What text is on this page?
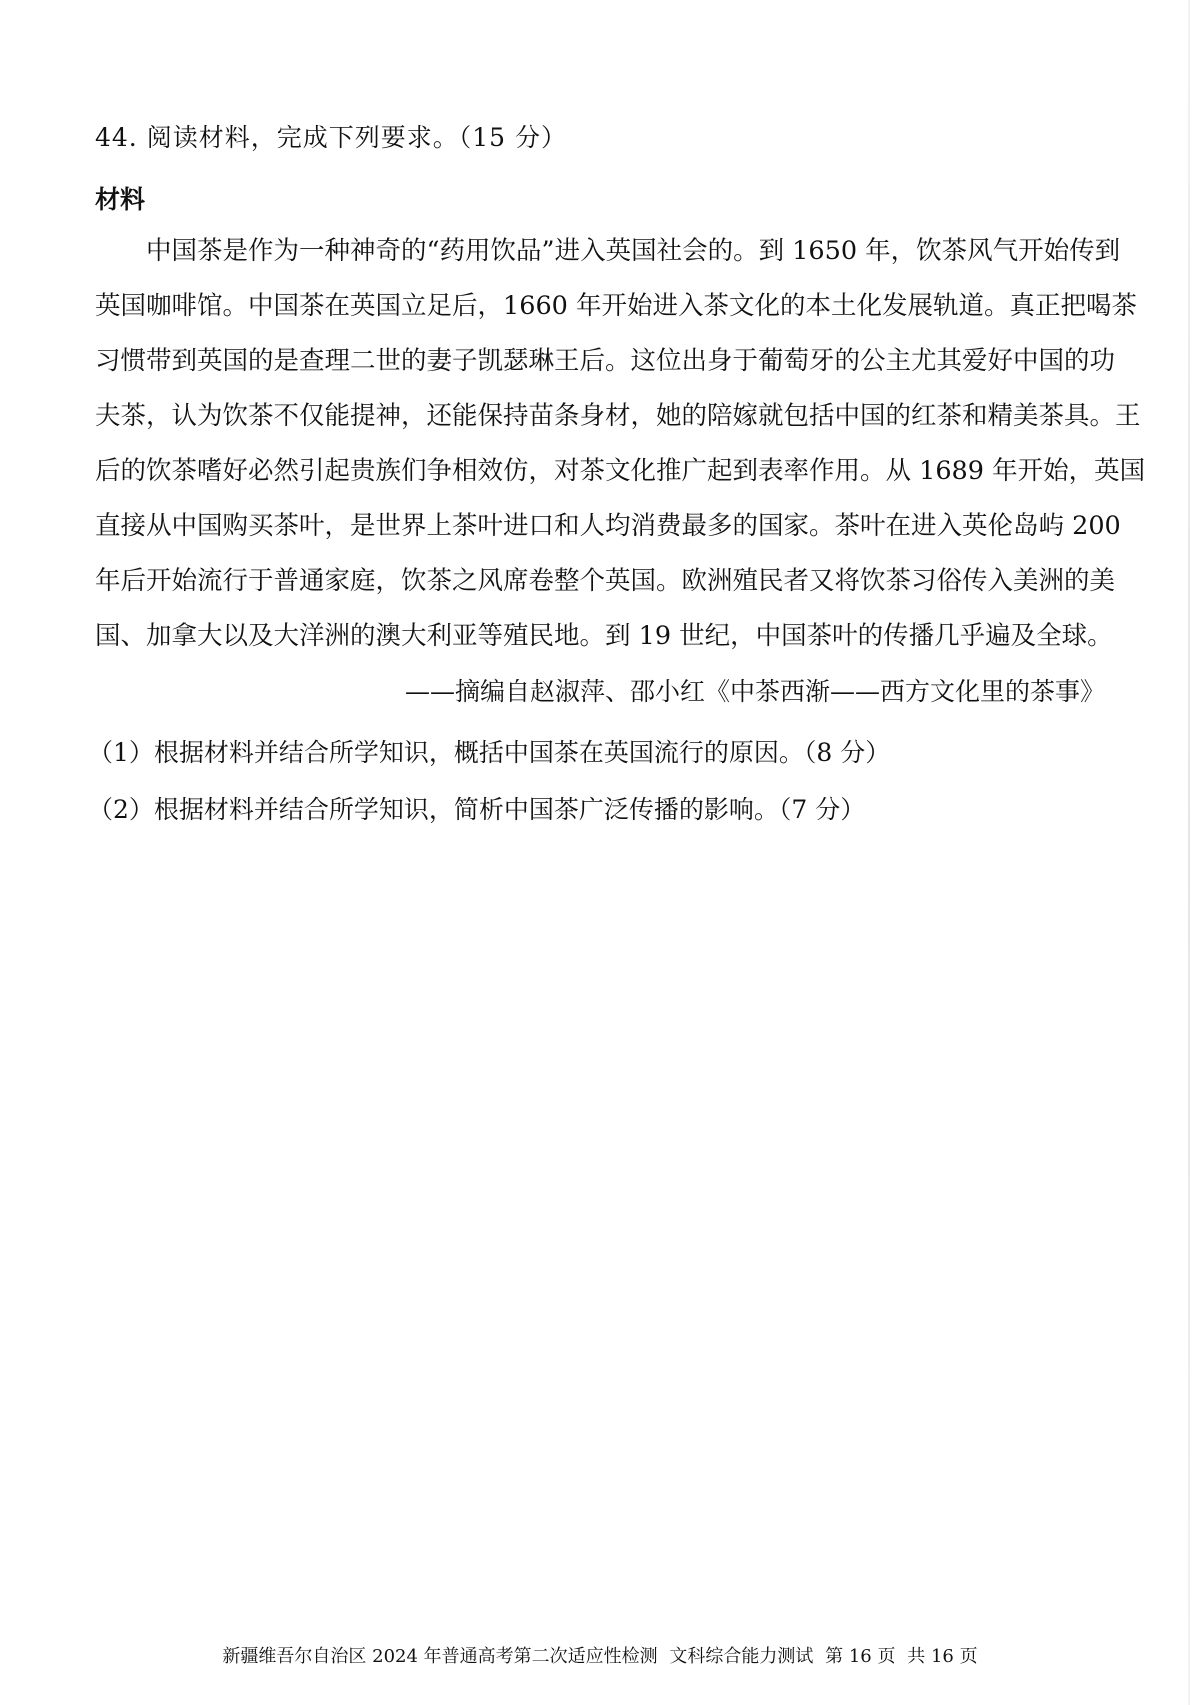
44. 阅读材料，完成下列要求。（15 分）
材料
中国茶是作为一种神奇的“药用饮品”进入英国社会的。到 1650 年，饮茶风气开始传到
英国咖啡馆。中国茶在英国立足后，1660 年开始进入茶文化的本土化发展轨道。真正把喝茶
习惯带到英国的是查理二世的妻子凯瑟琳王后。这位出身于葡萄牙的公主尤其爱好中国的功
夫茶，认为饮茶不仅能提神，还能保持苗条身材，她的陪嫁就包括中国的红茶和精美茶具。王
后的饮茶嗜好必然引起贵族们争相效仿，对茶文化推广起到表率作用。从 1689 年开始，英国
直接从中国购买茶叶，是世界上茶叶进口和人均消费最多的国家。茶叶在进入英伦岛屿 200
年后开始流行于普通家庭，饮茶之风席卷整个英国。欧洲殖民者又将饮茶习俗传入美洲的美
国、加拿大以及大洋洲的澳大利亚等殖民地。到 19 世纪，中国茶叶的传播几乎遍及全球。
——摘编自赵淑萍、邵小红《中茶西渐——西方文化里的茶事》
（1）根据材料并结合所学知识，概括中国茶在英国流行的原因。（8 分）
（2）根据材料并结合所学知识，简析中国茶广泛传播的影响。（7 分）
新疆维吾尔自治区 2024 年普通高考第二次适应性检测 文科综合能力测试 第 16 页 共 16 页
